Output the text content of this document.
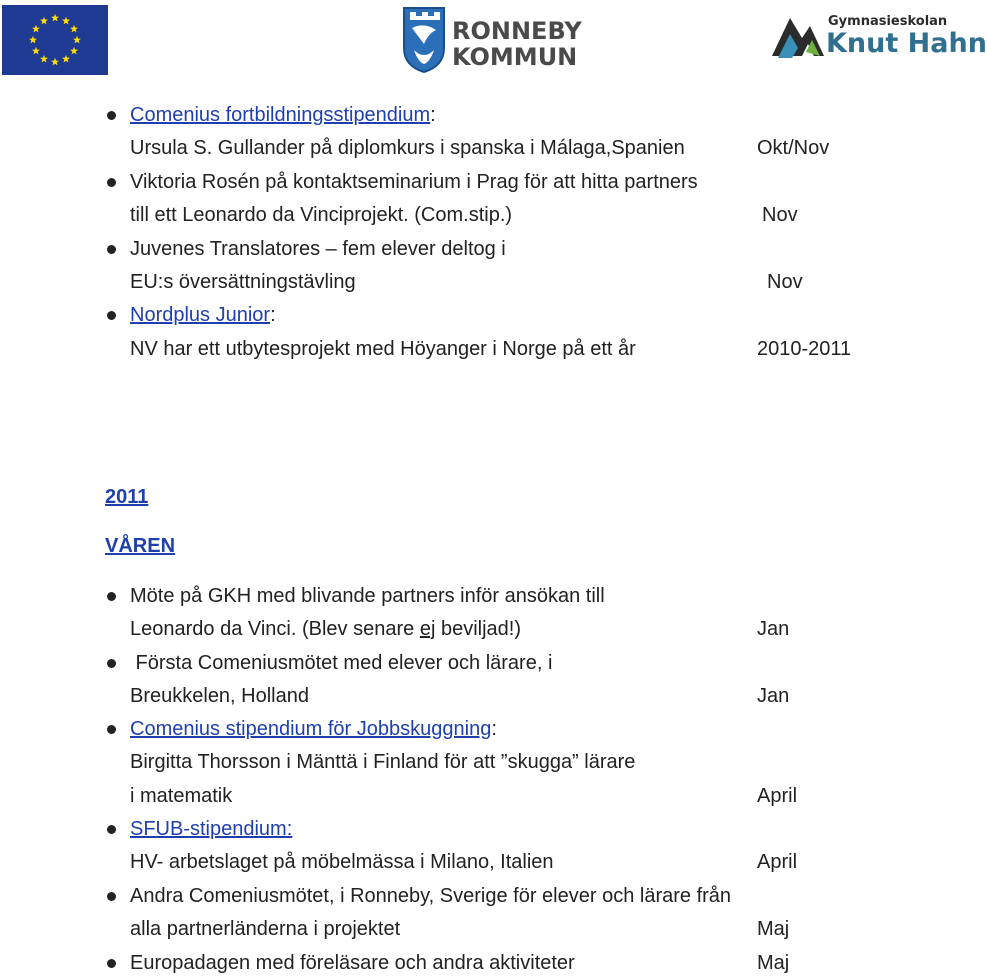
RONNEBY
KOMMUN
Gymnasieskolan
Knut Hahn
Comenius fortbildningsstipendium:
Ursula S. Gullander på diplomkurs i spanska i Málaga,Spanien	Okt/Nov
Viktoria Rosén på kontaktseminarium i Prag för att hitta partners
till ett Leonardo da Vinciprojekt. (Com.stip.)	Nov
Juvenes Translatores – fem elever deltog i
EU:s översättningstävling	Nov
Nordplus Junior:
NV har ett utbytesprojekt med Höyanger i Norge på ett år	2010-2011
2011
VÅREN
Möte på GKH med blivande partners inför ansökan till
Leonardo da Vinci. (Blev senare ej beviljad!)	Jan
Första Comeniusmötet med elever och lärare, i
Breukkelen, Holland	Jan
Comenius stipendium för Jobbskuggning:
Birgitta Thorsson i Mänttä i Finland för att ”skugga” lärare
i matematik	April
SFUB-stipendium:
HV- arbetslaget på möbelmässa i Milano, Italien	April
Andra Comeniusmötet, i Ronneby, Sverige för elever och lärare från
alla partnerländerna i projektet	Maj
Europadagen med föreläsare och andra aktiviteter	Maj
